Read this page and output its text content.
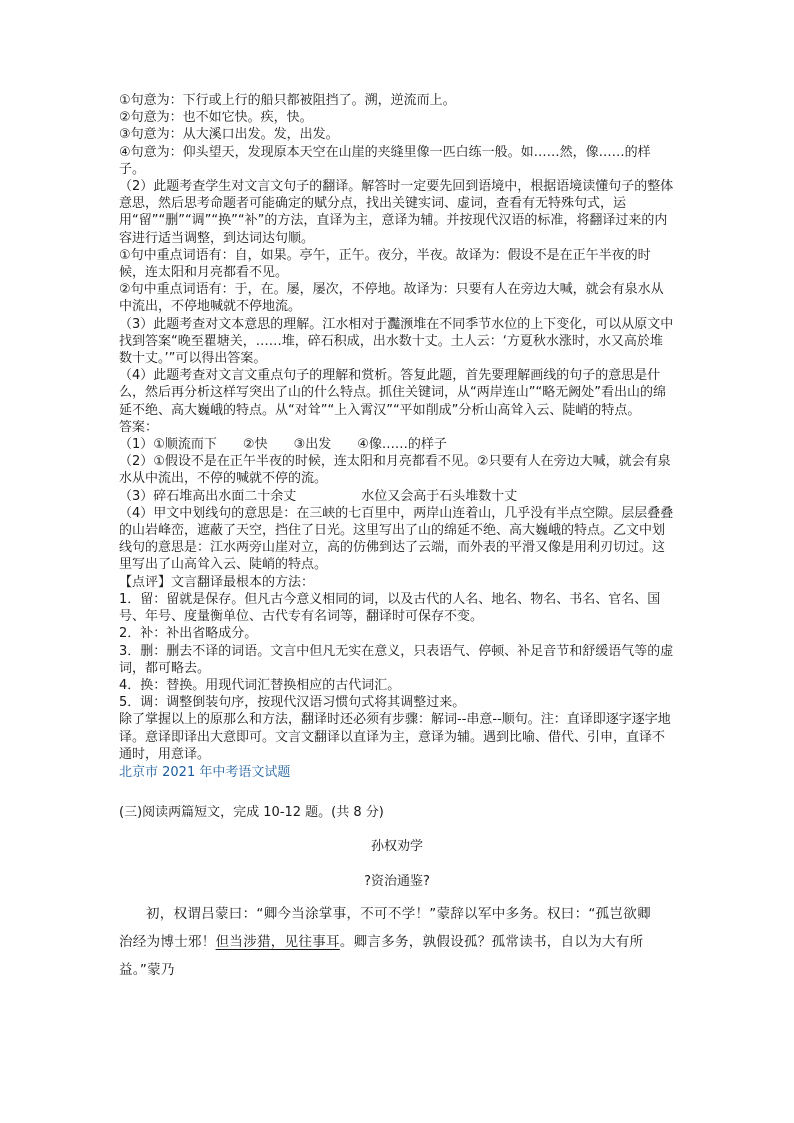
①句意为：下行或上行的船只都被阻挡了。溯，逆流而上。
②句意为：也不如它快。疾，快。
③句意为：从大溪口出发。发，出发。
④句意为：仰头望天，发现原本天空在山崖的夹缝里像一匹白练一般。如……然，像……的样子。
（2）此题考查学生对文言文句子的翻译。解答时一定要先回到语境中，根据语境读懂句子的整体意思，然后思考命题者可能确定的赋分点，找出关键实词、虚词，查看有无特殊句式，运用“留”“删”“调”“换”“补”的方法，直译为主，意译为辅。并按现代汉语的标准，将翻译过来的内容进行适当调整，到达词达句顺。
①句中重点词语有：自，如果。亭午，正午。夜分，半夜。故译为：假设不是在正午半夜的时候，连太阳和月亮都看不见。
②句中重点词语有：于，在。屡，屡次，不停地。故译为：只要有人在旁边大喊，就会有泉水从中流出，不停地喊就不停地流。
（3）此题考查对文本意思的理解。江水相对于灩滪堆在不同季节水位的上下变化，可以从原文中找到答案“晚至瞿塘关，……堆，碎石积成，出水数十丈。土人云：‘方夏秋水涨时，水又高於堆数十丈。’”可以得出答案。
（4）此题考查对文言文重点句子的理解和赏析。答复此题，首先要理解画线的句子的意思是什么，然后再分析这样写突出了山的什么特点。抓住关键词，从“两岸连山”“略无阙处”看出山的绵延不绝、高大巍峨的特点。从“对耸”“上入霄汉”“平如削成”分析山高耸入云、陡峭的特点。
答案：
（1）①顺流而下　　②快　　③出发　　④像……的样子
（2）①假设不是在正午半夜的时候，连太阳和月亮都看不见。②只要有人在旁边大喊，就会有泉水从中流出，不停的喊就不停的流。
（3）碎石堆高出水面二十余丈　　　　　水位又会高于石头堆数十丈
（4）甲文中划线句的意思是：在三峡的七百里中，两岸山连着山，几乎没有半点空隙。层层叠叠的山岩峰峦，遮蔽了天空，挡住了日光。这里写出了山的绵延不绝、高大巍峨的特点。乙文中划线句的意思是：江水两旁山崖对立，高的仿佛到达了云端，而外表的平滑又像是用利刃切过。这里写出了山高耸入云、陡峭的特点。
【点评】文言翻译最根本的方法：
1．留：留就是保存。但凡古今意义相同的词，以及古代的人名、地名、物名、书名、官名、国号、年号、度量衡单位、古代专有名词等，翻译时可保存不变。
2．补：补出省略成分。
3．删：删去不译的词语。文言中但凡无实在意义，只表语气、停顿、补足音节和舒缓语气等的虚词，都可略去。
4．换：替换。用现代词汇替换相应的古代词汇。
5．调：调整倒装句序，按现代汉语习惯句式将其调整过来。
除了掌握以上的原那么和方法，翻译时还必须有步骤：解词--串意--顺句。注：直译即逐字逐字地译。意译即译出大意即可。文言文翻译以直译为主，意译为辅。遇到比喻、借代、引申，直译不通时，用意译。
北京市 2021 年中考语文试题
(三)阅读两篇短文，完成 10-12 题。(共 8 分)
孙权劝学
?资治通鉴?
初，权谓吕蒙曰：“卿今当涂掌事，不可不学！”蒙辞以军中多务。权曰：“孤岂欲卿
治经为博士邪！但当涉猎，见往事耳。卿言多务，孰假设孤？孤常读书，自以为大有所益。”蒙乃
